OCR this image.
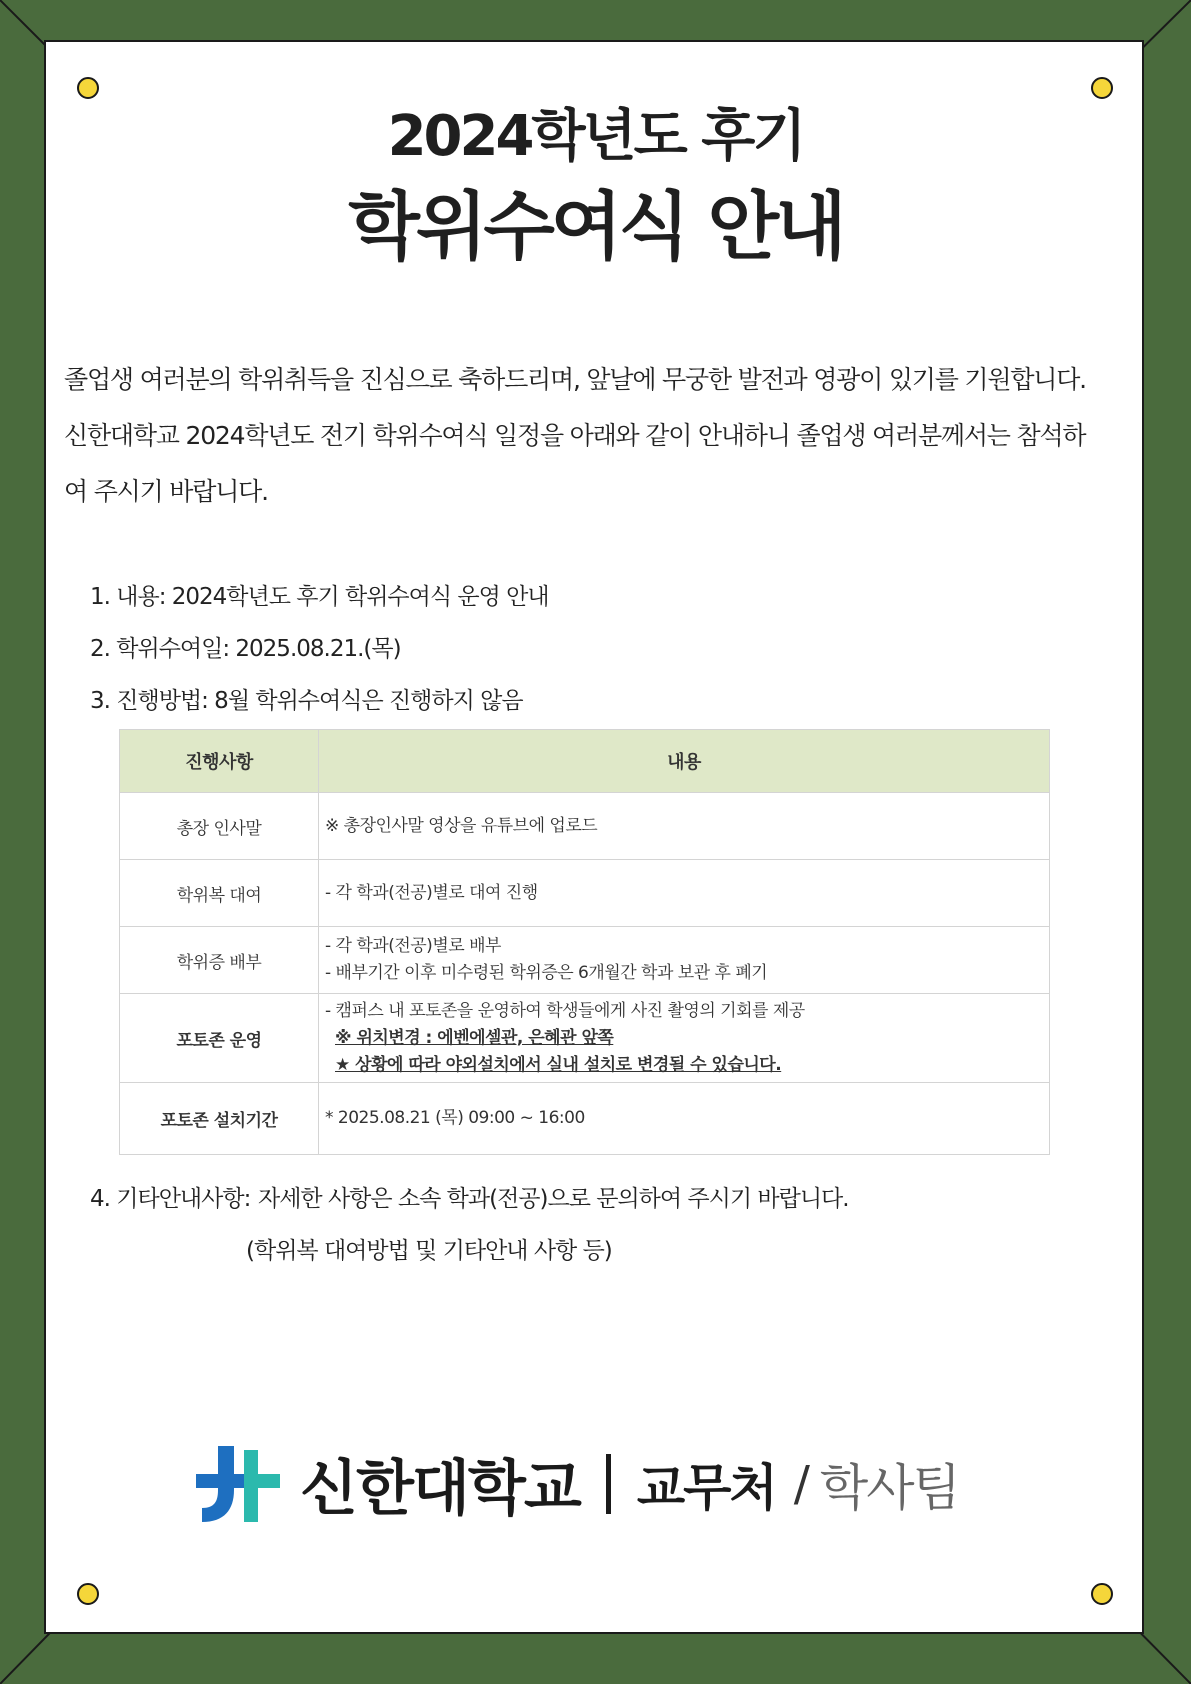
2024학년도 후기
학위수여식 안내

졸업생 여러분의 학위취득을 진심으로 축하드리며, 앞날에 무궁한 발전과 영광이 있기를 기원합니다.

신한대학교 2024학년도 전기 학위수여식 일정을 아래와 같이 안내하니 졸업생 여러분께서는 참석하

여 주시기 바랍니다.

1. 내용: 2024학년도 후기 학위수여식 운영 안내
2. 학위수여일: 2025.08.21.(목)
3. 진행방법: 8월 학위수여식은 진행하지 않음
진행사항	내용
총장 인사말	※ 총장인사말 영상을 유튜브에 업로드

학위복 대여	- 각 학과(전공)별로 대여 진행

학위증 배부	- 각 학과(전공)별로 배부
- 배부기간 이후 미수령된 학위증은 6개월간 학과 보관 후 폐기

포토존 운영	- 캠퍼스 내 포토존을 운영하여 학생들에게 사진 촬영의 기회를 제공
※ 위치변경 : 에벤에셀관, 은혜관 앞쪽
★ 상황에 따라 야외설치에서 실내 설치로 변경될 수 있습니다.

포토존 설치기간	* 2025.08.21 (목) 09:00 ~ 16:00
4. 기타안내사항: 자세한 사항은 소속 학과(전공)으로 문의하여 주시기 바랍니다.
(학위복 대여방법 및 기타안내 사항 등)
신한대학교 교무처 / 학사팀
